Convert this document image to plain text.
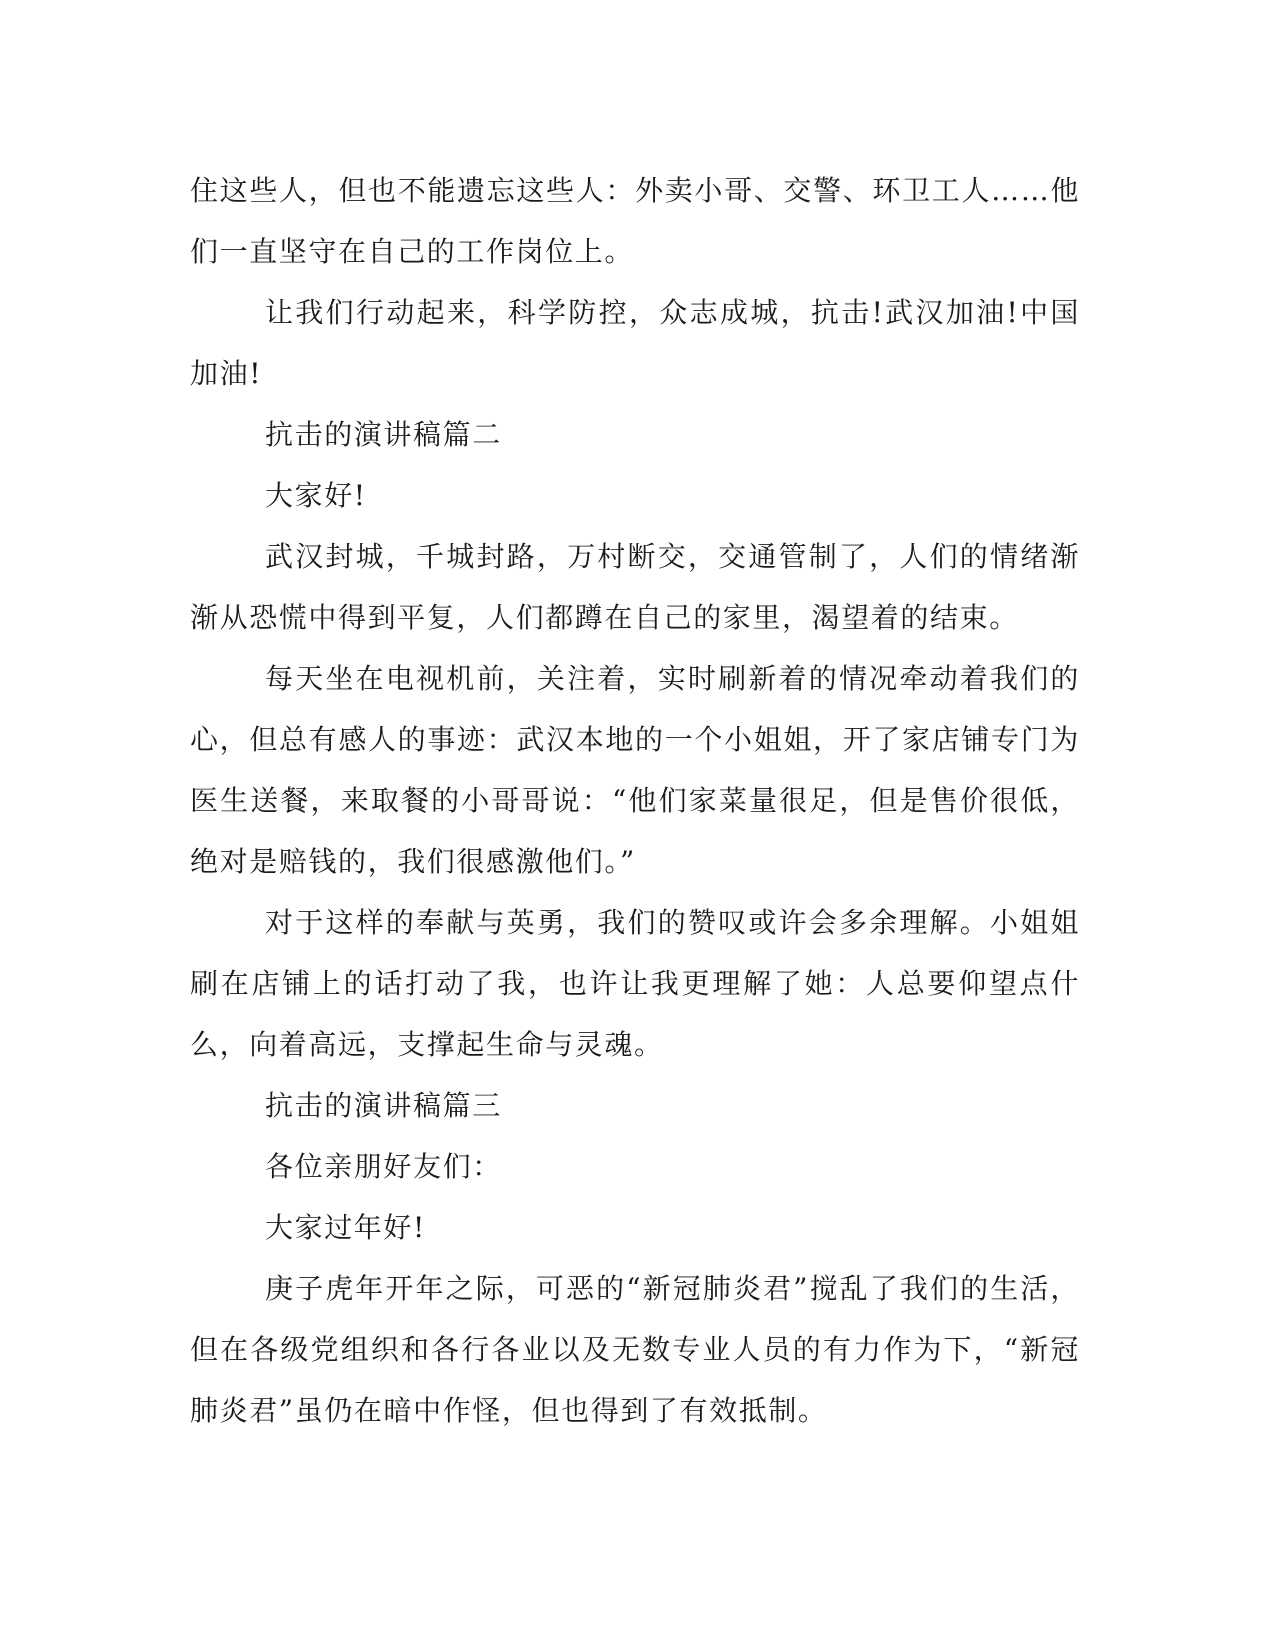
住这些人，但也不能遗忘这些人：外卖小哥、交警、环卫工人……他们一直坚守在自己的工作岗位上。

让我们行动起来，科学防控，众志成城，抗击!武汉加油!中国加油!

抗击的演讲稿篇二

大家好!

武汉封城，千城封路，万村断交，交通管制了，人们的情绪渐渐从恐慌中得到平复，人们都蹲在自己的家里，渴望着的结束。

每天坐在电视机前，关注着，实时刷新着的情况牵动着我们的心，但总有感人的事迹：武汉本地的一个小姐姐，开了家店铺专门为医生送餐，来取餐的小哥哥说：“他们家菜量很足，但是售价很低，绝对是赔钱的，我们很感激他们。”

对于这样的奉献与英勇，我们的赞叹或许会多余理解。小姐姐刷在店铺上的话打动了我，也许让我更理解了她：人总要仰望点什么，向着高远，支撑起生命与灵魂。

抗击的演讲稿篇三

各位亲朋好友们：

大家过年好!

庚子虎年开年之际，可恶的“新冠肺炎君”搅乱了我们的生活，但在各级党组织和各行各业以及无数专业人员的有力作为下，“新冠肺炎君”虽仍在暗中作怪，但也得到了有效抵制。
